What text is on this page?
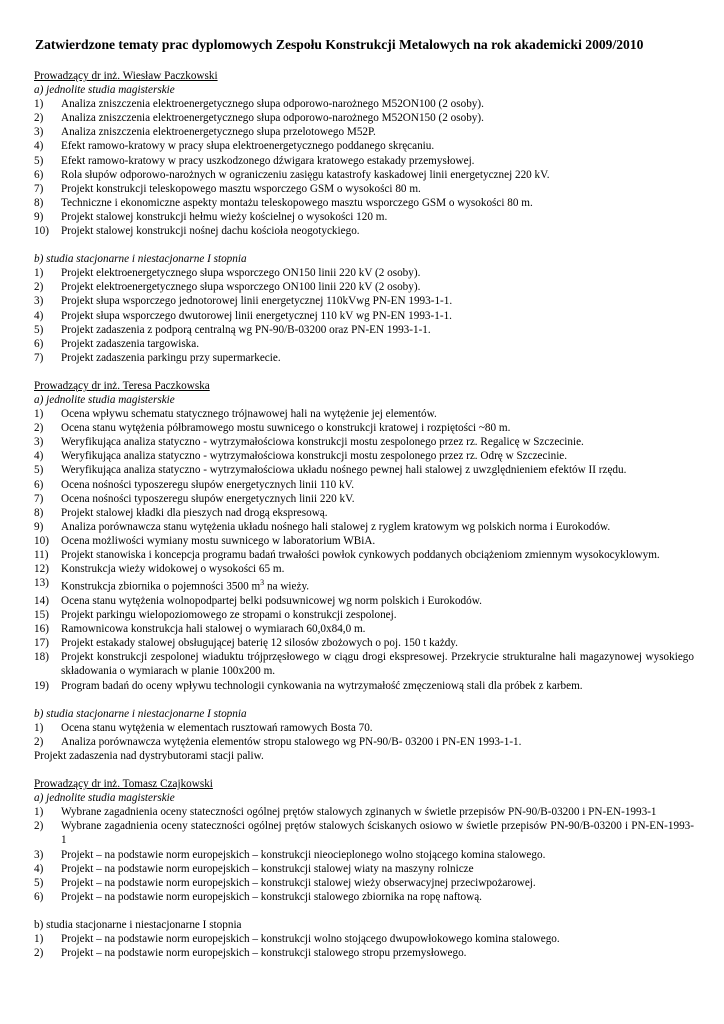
Zatwierdzone tematy prac dyplomowych Zespołu Konstrukcji Metalowych na rok akademicki 2009/2010

Prowadzący dr inż. Wiesław Paczkowski

a) jednolite studia magisterskie

1)	Analiza zniszczenia elektroenergetycznego słupa odporowo-narożnego M52ON100 (2 osoby).
2)	Analiza zniszczenia elektroenergetycznego słupa odporowo-narożnego M52ON150 (2 osoby).
3)	Analiza zniszczenia elektroenergetycznego słupa przelotowego M52P.
4)	Efekt ramowo-kratowy w pracy słupa elektroenergetycznego poddanego skręcaniu.
5)	Efekt ramowo-kratowy w pracy uszkodzonego dźwigara kratowego estakady przemysłowej.
6)	Rola słupów odporowo-narożnych w ograniczeniu zasięgu katastrofy kaskadowej linii energetycznej 220 kV.
7)	Projekt konstrukcji teleskopowego masztu wsporczego GSM o wysokości 80 m.
8)	Techniczne i ekonomiczne aspekty montażu teleskopowego masztu wsporczego GSM o wysokości 80 m.
9)	Projekt stalowej konstrukcji hełmu wieży kościelnej o wysokości 120 m.
10)	Projekt stalowej konstrukcji nośnej dachu kościoła neogotyckiego.

b) studia stacjonarne i niestacjonarne I stopnia

1)	Projekt elektroenergetycznego słupa wsporczego ON150 linii 220 kV (2 osoby).
2)	Projekt elektroenergetycznego słupa wsporczego ON100 linii 220 kV (2 osoby).
3)	Projekt słupa wsporczego jednotorowej linii energetycznej 110kVwg PN-EN 1993-1-1.
4)	Projekt słupa wsporczego dwutorowej linii energetycznej 110 kV wg PN-EN 1993-1-1.
5)	Projekt zadaszenia z podporą centralną wg PN-90/B-03200 oraz PN-EN 1993-1-1.
6)	Projekt zadaszenia targowiska.
7)	Projekt zadaszenia parkingu przy supermarkecie.

Prowadzący dr inż. Teresa Paczkowska

a) jednolite studia magisterskie

1)	Ocena wpływu schematu statycznego trójnawowej hali na wytężenie jej elementów.
2)	Ocena stanu wytężenia półbramowego mostu suwnicego o konstrukcji kratowej i rozpiętości ~80 m.
3)	Weryfikująca analiza statyczno - wytrzymałościowa konstrukcji mostu zespolonego przez rz. Regalicę w Szczecinie.
4)	Weryfikująca analiza statyczno - wytrzymałościowa konstrukcji mostu zespolonego przez rz. Odrę w Szczecinie.
5)	Weryfikująca analiza statyczno - wytrzymałościowa układu nośnego pewnej hali stalowej z uwzględnieniem efektów II rzędu.
6)	Ocena nośności typoszeregu słupów energetycznych linii 110 kV.
7)	Ocena nośności typoszeregu słupów energetycznych linii 220 kV.
8)	Projekt stalowej kładki dla pieszych nad drogą ekspresową.
9)	Analiza porównawcza stanu wytężenia układu nośnego hali stalowej z ryglem kratowym wg polskich norma i Eurokodów.
10)	Ocena możliwości wymiany mostu suwnicego w laboratorium WBiA.
11)	Projekt stanowiska i koncepcja programu badań trwałości powłok cynkowych poddanych obciążeniom zmiennym wysokocyklowym.
12)	Konstrukcja wieży widokowej o wysokości 65 m.
13)	Konstrukcja zbiornika o pojemności 3500 $m^3$ na wieży.
14)	Ocena stanu wytężenia wolnopodpartej belki podsuwnicowej wg norm polskich i Eurokodów.
15)	Projekt parkingu wielopoziomowego ze stropami o konstrukcji zespolonej.
16)	Ramownicowa konstrukcja hali stalowej o wymiarach 60,0x84,0 m.
17)	Projekt estakady stalowej obsługującej baterię 12 silosów zbożowych o poj. 150 t każdy.
18)	Projekt konstrukcji zespolonej wiaduktu trójprzęsłowego w ciągu drogi ekspresowej. Przekrycie strukturalne hali magazynowej wysokiego składowania o wymiarach w planie 100x200 m.
19)	Program badań do oceny wpływu technologii cynkowania na wytrzymałość zmęczeniową stali dla próbek z karbem.

b) studia stacjonarne i niestacjonarne I stopnia

1)	Ocena stanu wytężenia w elementach rusztowań ramowych Bosta 70.
2)	Analiza porównawcza wytężenia elementów stropu stalowego wg PN-90/B- 03200 i PN-EN 1993-1-1.

Projekt zadaszenia nad dystrybutorami stacji paliw.

Prowadzący dr inż. Tomasz Czajkowski

a) jednolite studia magisterskie

1)	Wybrane zagadnienia oceny stateczności ogólnej prętów stalowych zginanych w świetle przepisów PN-90/B-03200 i PN-EN-1993-1
2)	Wybrane zagadnienia oceny stateczności ogólnej prętów stalowych ściskanych osiowo w świetle przepisów PN-90/B-03200 i PN-EN-1993-1
3)	Projekt – na podstawie norm europejskich – konstrukcji nieocieplonego wolno stojącego komina stalowego.
4)	Projekt – na podstawie norm europejskich – konstrukcji stalowej wiaty na maszyny rolnicze
5)	Projekt – na podstawie norm europejskich – konstrukcji stalowej wieży obserwacyjnej przeciwpożarowej.
6)	Projekt – na podstawie norm europejskich – konstrukcji stalowego zbiornika na ropę naftową.

b) studia stacjonarne i niestacjonarne I stopnia

1)	Projekt – na podstawie norm europejskich – konstrukcji wolno stojącego dwupowłokowego komina stalowego.
2)	Projekt – na podstawie norm europejskich – konstrukcji stalowego stropu przemysłowego.
